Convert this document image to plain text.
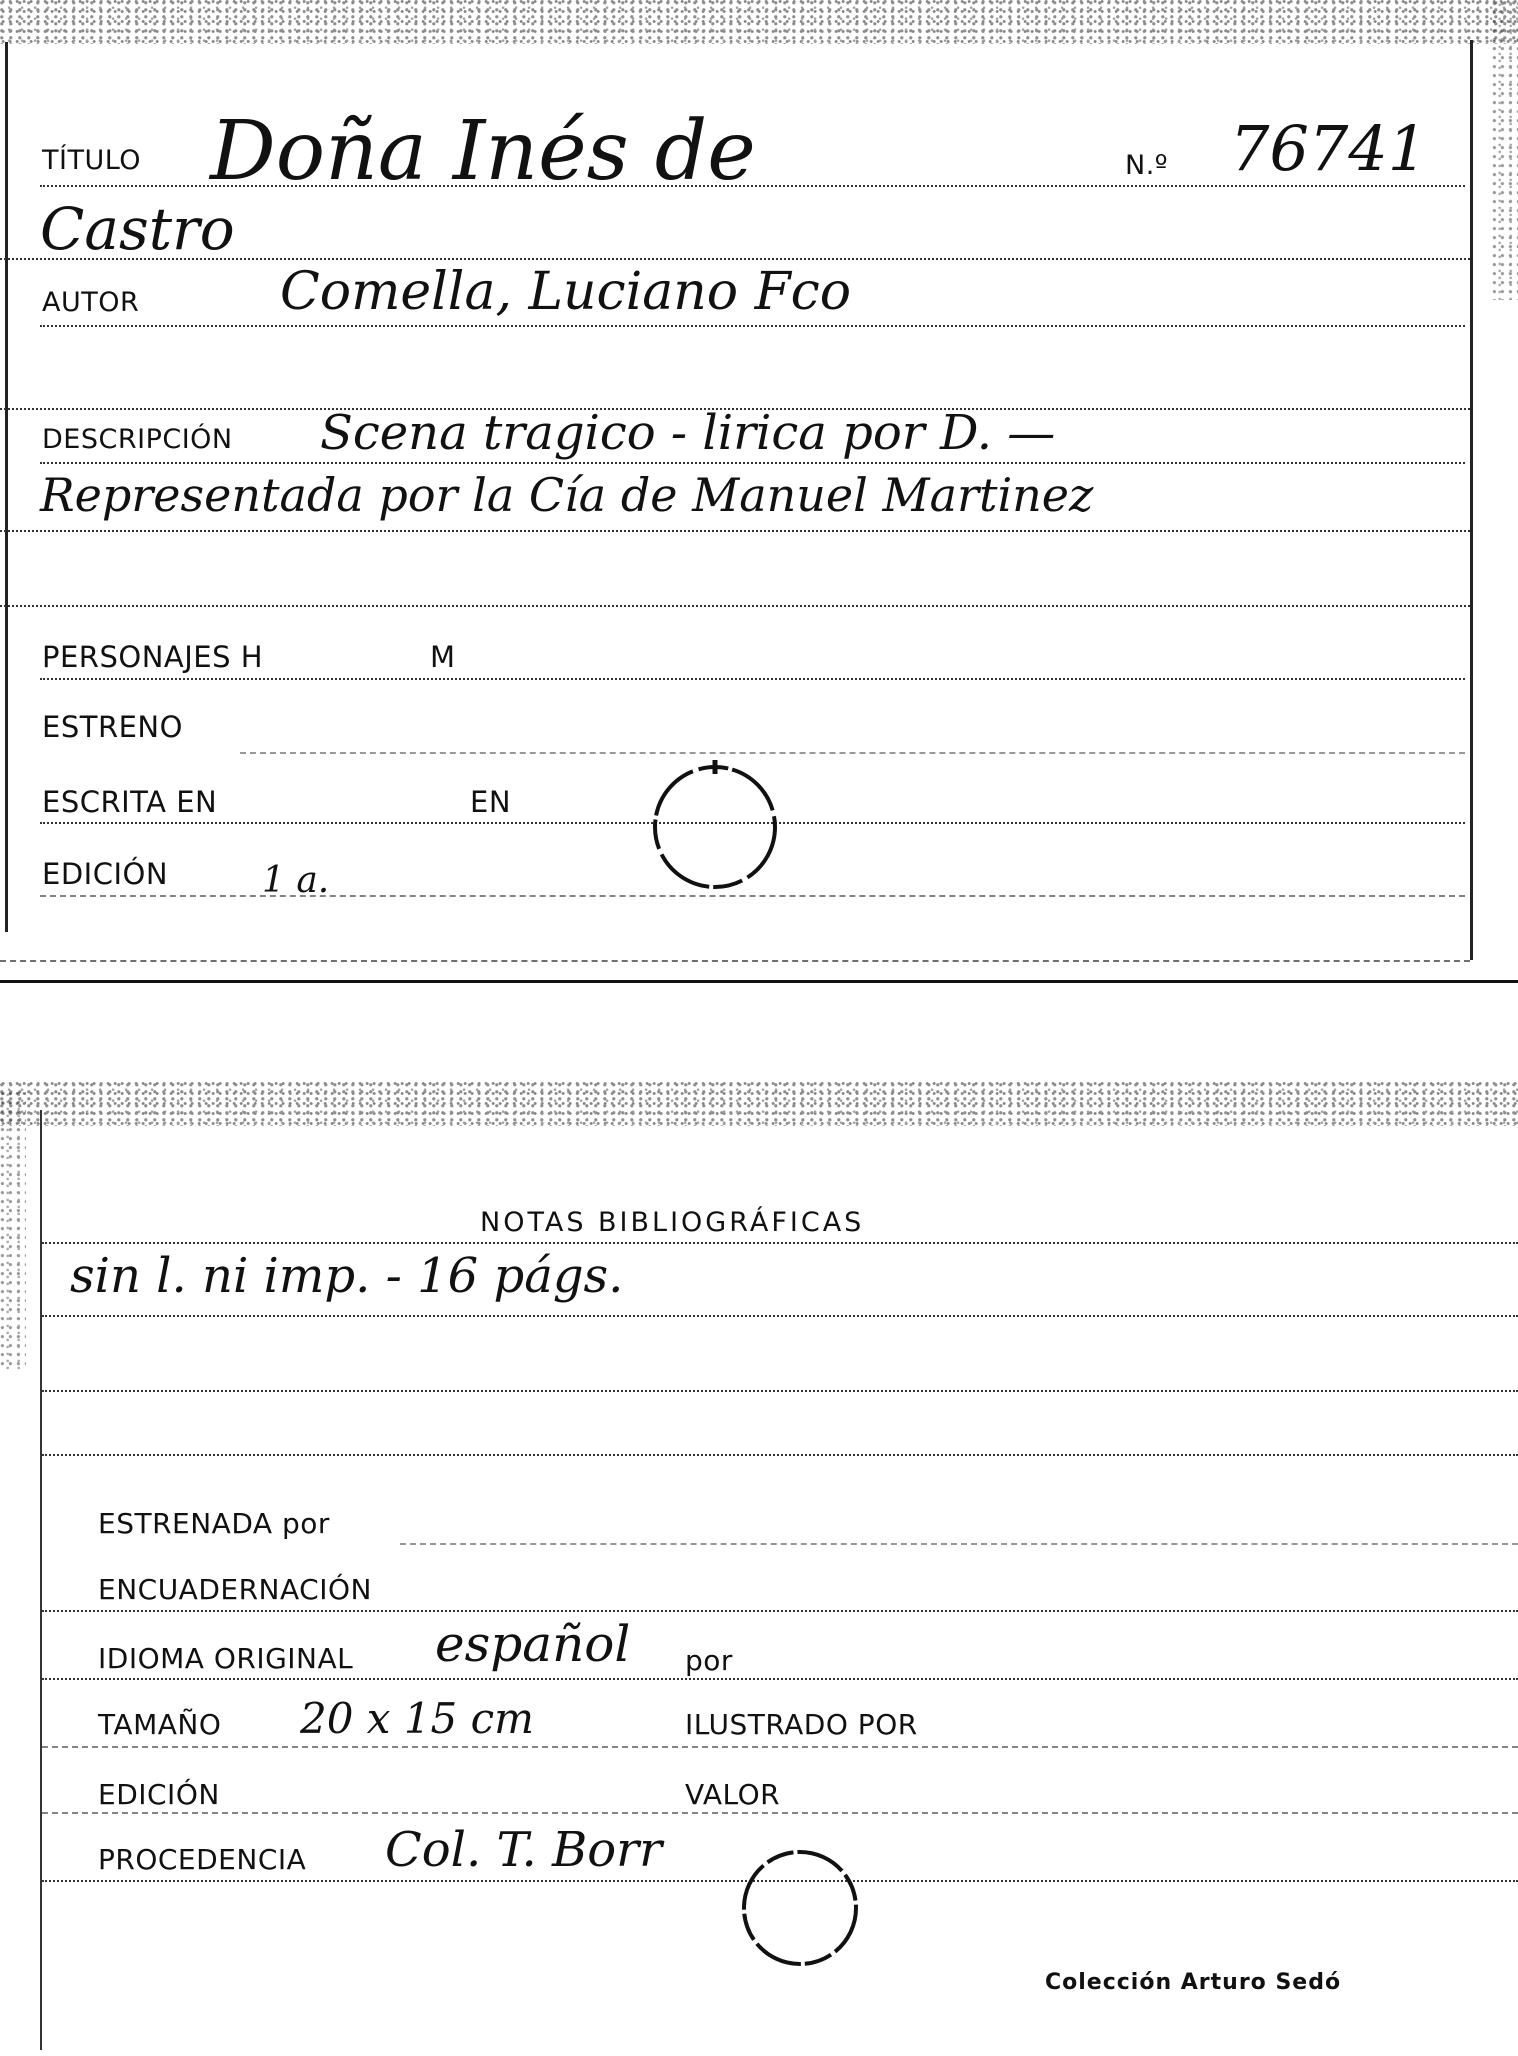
TÍTULO Doña Inés de	N.º 76741
Castro
AUTOR	Comella, Luciano Fco
DESCRIPCIÓN Scena tragico - lirica por D. —
Representada por la Cía de Manuel Martinez
PERSONAJES H	M
ESTRENO
ESCRITA EN	EN
EDICIÓN	1 a.
NOTAS BIBLIOGRÁFICAS
sin l. ni imp. - 16 págs.
ESTRENADA por
ENCUADERNACIÓN
IDIOMA ORIGINAL español por
TAMAÑO 20 x 15 cm	ILUSTRADO POR
EDICIÓN	VALOR
PROCEDENCIA Col. T. Borr
Colección Arturo Sedó
